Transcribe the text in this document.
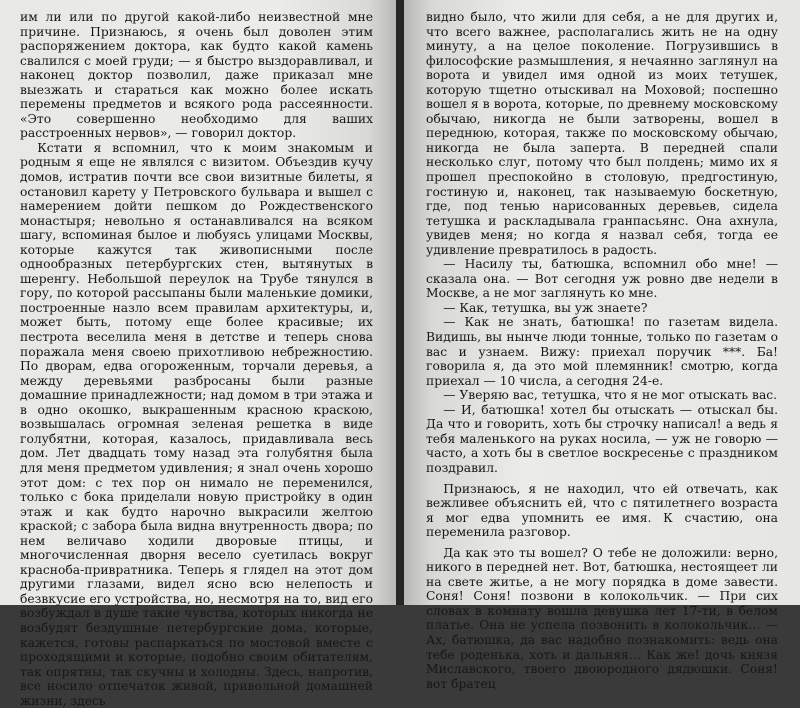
им ли или по другой какой-либо неизвестной мне причине. Признаюсь, я очень был доволен этим распоряжением доктора, как будто какой камень свалился с моей груди; — я быстро выздоравливал, и наконец доктор позволил, даже приказал мне выезжать и стараться как можно более искать перемены предметов и всякого рода рассеянности. «Это совершенно необходимо для ваших расстроенных нервов», — говорил доктор.

Кстати я вспомнил, что к моим знакомым и родным я еще не являлся с визитом. Объездив кучу домов, истратив почти все свои визитные билеты, я остановил карету у Петровского бульвара и вышел с намерением дойти пешком до Рождественского монастыря; невольно я останавливался на всяком шагу, вспоминая былое и любуясь улицами Москвы, которые кажутся так живописными после однообразных петербургских стен, вытянутых в шеренгу. Небольшой переулок на Трубе тянулся в гору, по которой рассыпаны были маленькие домики, построенные назло всем правилам архитектуры, и, может быть, потому еще более красивые; их пестрота веселила меня в детстве и теперь снова поражала меня своею прихотливою небрежностию. По дворам, едва огороженным, торчали деревья, а между деревьями разбросаны были разные домашние принадлежности; над домом в три этажа и в одно окошко, выкрашенным красною краскою, возвышалась огромная зеленая решетка в виде голубятни, которая, казалось, придавливала весь дом. Лет двадцать тому назад эта голубятня была для меня предметом удивления; я знал очень хорошо этот дом: с тех пор он нимало не переменился, только с бока приделали новую пристройку в один этаж и как будто нарочно выкрасили желтою краской; с забора была видна внутренность двора; по нем величаво ходили дворовые птицы, и многочисленная дворня весело суетилась вокруг красноба-привратника. Теперь я глядел на этот дом другими глазами, видел ясно всю нелепость и безвкусие его устройства, но, несмотря на то, вид его возбуждал в душе такие чувства, которых никогда не возбудят бездушные петербургские дома, которые, кажется, готовы распаркаться по мостовой вместе с проходящими и которые, подобно своим обитателям, так опрятны, так скучны и холодны. Здесь, напротив, все носило отпечаток живой, привольной домашней жизни, здесь

видно было, что жили для себя, а не для других и, что всего важнее, располагались жить не на одну минуту, а на целое поколение. Погрузившись в философские размышления, я нечаянно заглянул на ворота и увидел имя одной из моих тетушек, которую тщетно отыскивал на Моховой; поспешно вошел я в ворота, которые, по древнему московскому обычаю, никогда не были затворены, вошел в переднюю, которая, также по московскому обычаю, никогда не была заперта. В передней спали несколько слуг, потому что был полдень; мимо их я прошел преспокойно в столовую, предгостиную, гостиную и, наконец, так называемую боскетную, где, под тенью нарисованных деревьев, сидела тетушка и раскладывала гранпасьянс. Она ахнула, увидев меня; но когда я назвал себя, тогда ее удивление превратилось в радость.

— Насилу ты, батюшка, вспомнил обо мне! — сказала она. — Вот сегодня уж ровно две недели в Москве, а не мог заглянуть ко мне.

— Как, тетушка, вы уж знаете?

— Как не знать, батюшка! по газетам видела. Видишь, вы нынче люди тонные, только по газетам о вас и узнаем. Вижу: приехал поручик ***. Ба! говорила я, да это мой племянник! смотрю, когда приехал — 10 числа, а сегодня 24-е.

— Уверяю вас, тетушка, что я не мог отыскать вас.

— И, батюшка! хотел бы отыскать — отыскал бы. Да что и говорить, хоть бы строчку написал! а ведь я тебя маленького на руках носила, — уж не говорю — часто, а хоть бы в светлое воскресенье с праздником поздравил.

Признаюсь, я не находил, что ей отвечать, как вежливее объяснить ей, что с пятилетнего возраста я мог едва упомнить ее имя. К счастию, она переменила разговор.

Да как это ты вошел? О тебе не доложили: верно, никого в передней нет. Вот, батюшка, нестоящеет ли на свете житье, а не могу порядка в доме завести. Соня! Соня! позвони в колокольчик. — При сих словах в комнату вошла девушка лет 17-ти, в белом платье. Она не успела позвонить в колокольчик… — Ах, батюшка, да вас надобно познакомить: ведь она тебе роденька, хоть и дальняя… Как же! дочь князя Миславского, твоего двоюродного дядюшки. Соня! вот братец
